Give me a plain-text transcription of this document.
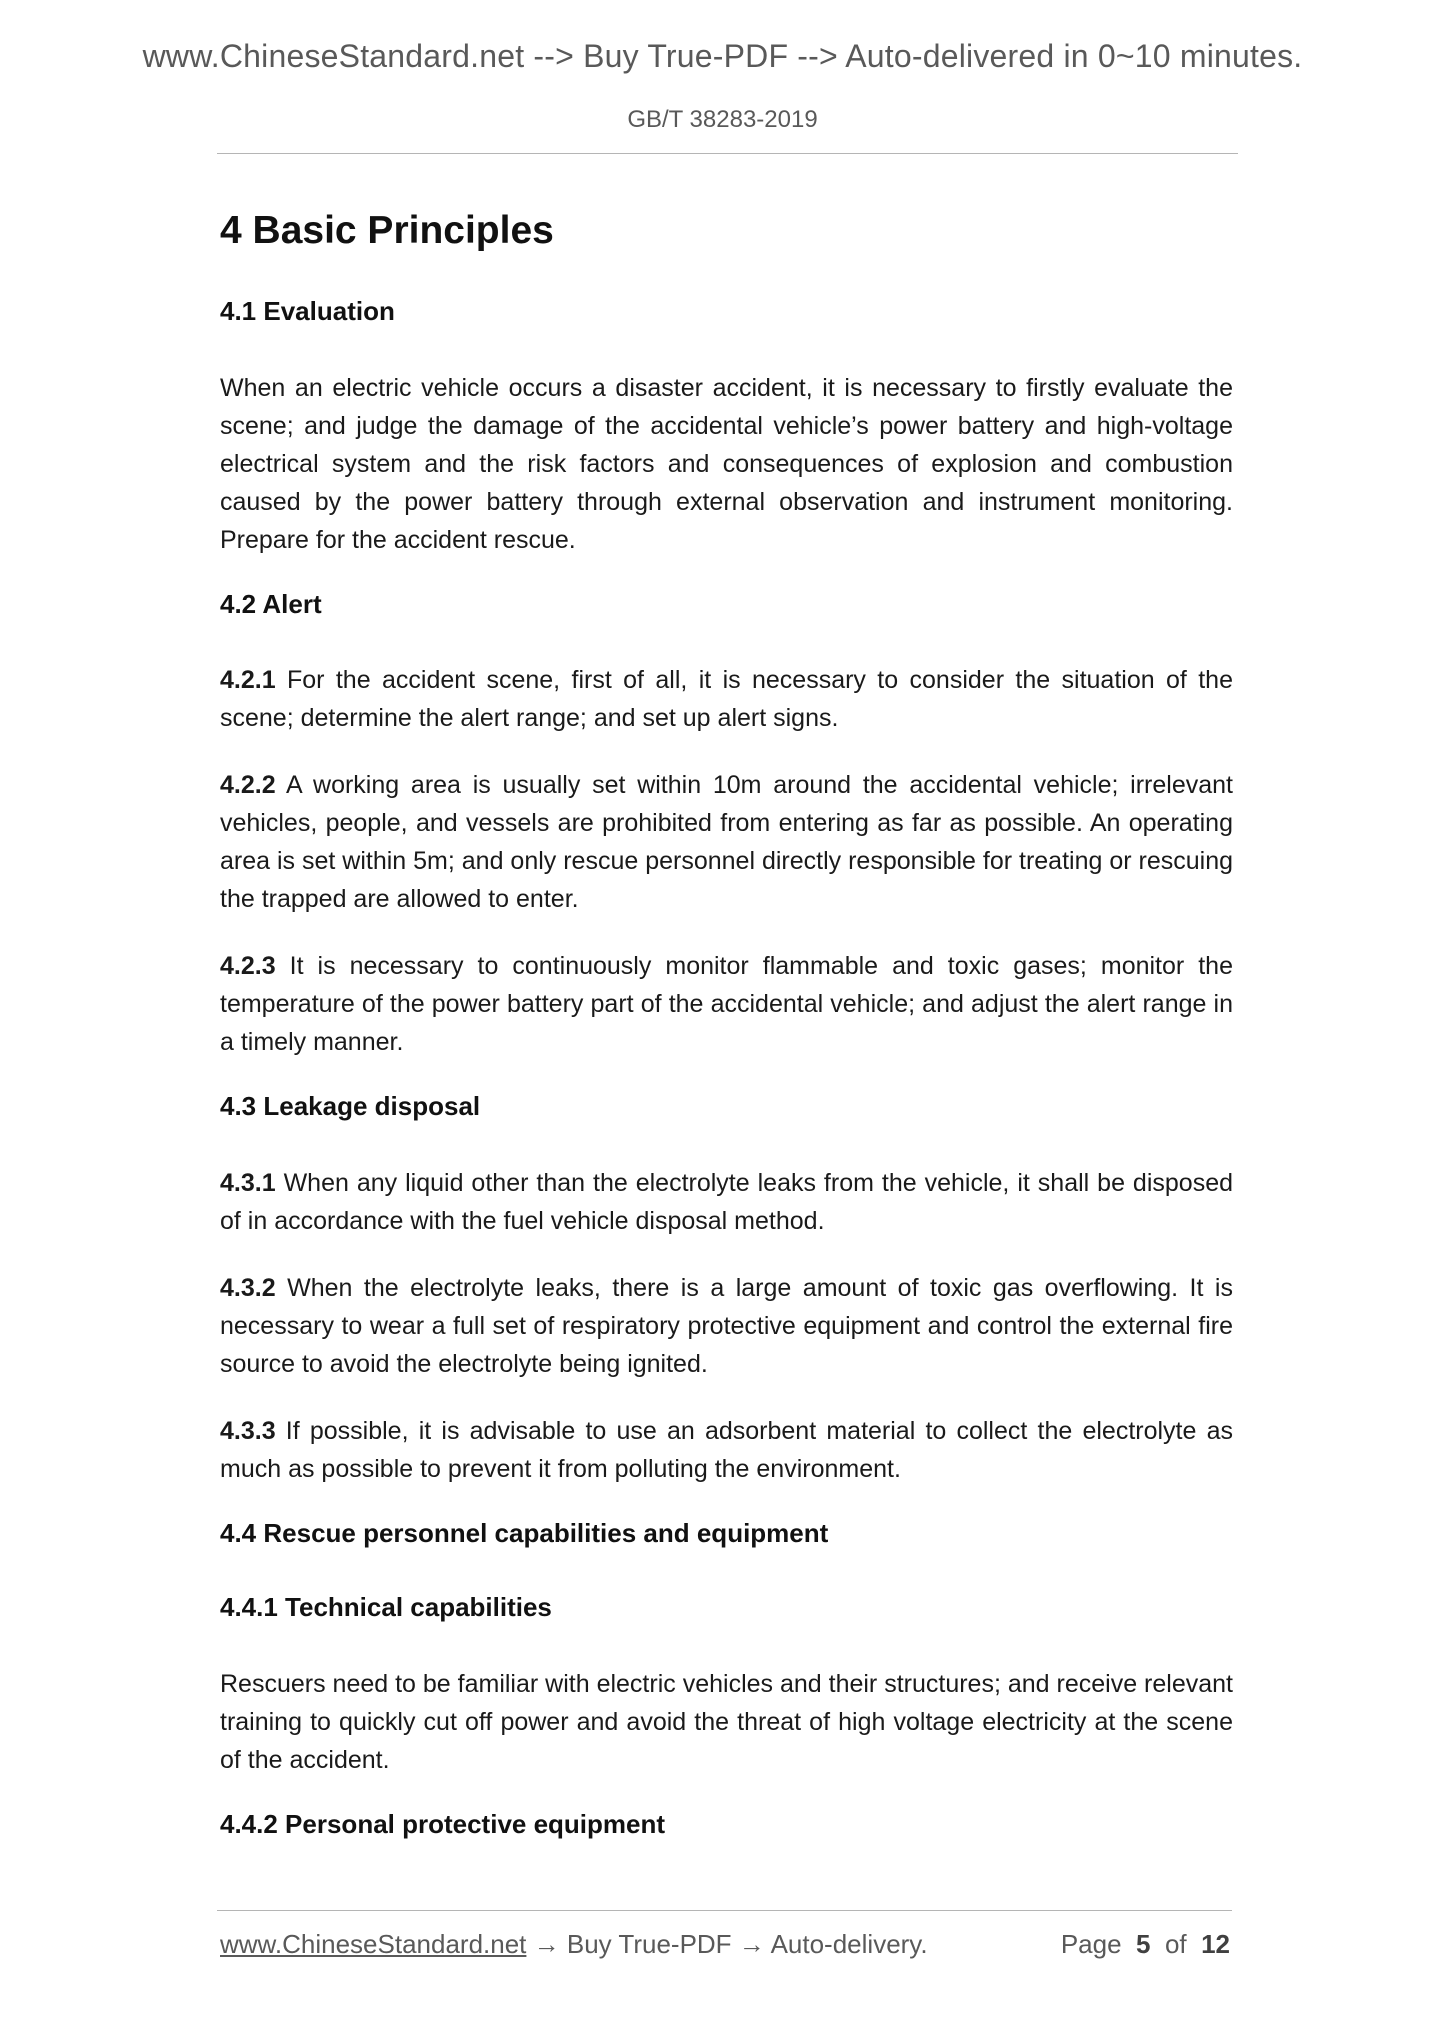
www.ChineseStandard.net --> Buy True-PDF --> Auto-delivered in 0~10 minutes.
GB/T 38283-2019
4 Basic Principles
4.1 Evaluation

When an electric vehicle occurs a disaster accident, it is necessary to firstly evaluate the scene; and judge the damage of the accidental vehicle’s power battery and high-voltage electrical system and the risk factors and consequences of explosion and combustion caused by the power battery through external observation and instrument monitoring. Prepare for the accident rescue.

4.2 Alert

4.2.1 For the accident scene, first of all, it is necessary to consider the situation of the scene; determine the alert range; and set up alert signs.

4.2.2 A working area is usually set within 10m around the accidental vehicle; irrelevant vehicles, people, and vessels are prohibited from entering as far as possible. An operating area is set within 5m; and only rescue personnel directly responsible for treating or rescuing the trapped are allowed to enter.

4.2.3 It is necessary to continuously monitor flammable and toxic gases; monitor the temperature of the power battery part of the accidental vehicle; and adjust the alert range in a timely manner.

4.3 Leakage disposal

4.3.1 When any liquid other than the electrolyte leaks from the vehicle, it shall be disposed of in accordance with the fuel vehicle disposal method.

4.3.2 When the electrolyte leaks, there is a large amount of toxic gas overflowing. It is necessary to wear a full set of respiratory protective equipment and control the external fire source to avoid the electrolyte being ignited.

4.3.3 If possible, it is advisable to use an adsorbent material to collect the electrolyte as much as possible to prevent it from polluting the environment.

4.4 Rescue personnel capabilities and equipment
4.4.1 Technical capabilities

Rescuers need to be familiar with electric vehicles and their structures; and receive relevant training to quickly cut off power and avoid the threat of high voltage electricity at the scene of the accident.

4.4.2 Personal protective equipment
www.ChineseStandard.net → Buy True-PDF → Auto-delivery.	Page 5 of 12
